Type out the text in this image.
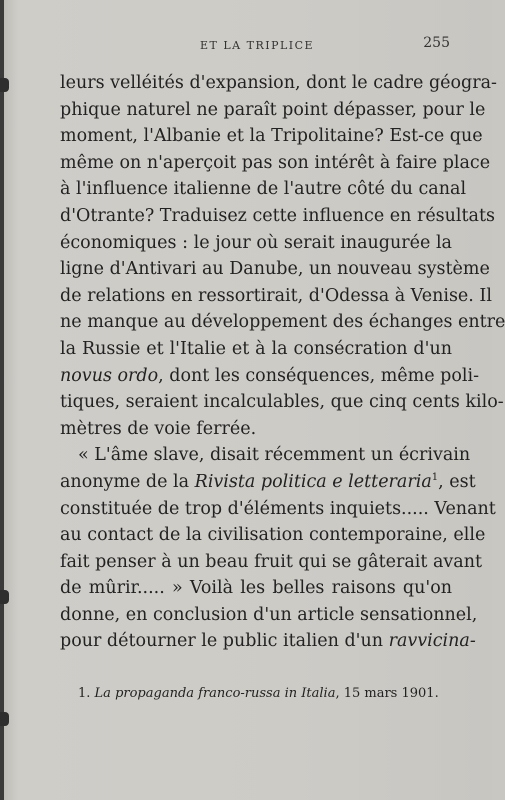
ET LA TRIPLICE	255
leurs velléités d'expansion, dont le cadre géogra-
phique naturel ne paraît point dépasser, pour le
moment, l'Albanie et la Tripolitaine? Est-ce que
même on n'aperçoit pas son intérêt à faire place
à l'influence italienne de l'autre côté du canal
d'Otrante? Traduisez cette influence en résultats
économiques : le jour où serait inaugurée la
ligne d'Antivari au Danube, un nouveau système
de relations en ressortirait, d'Odessa à Venise. Il
ne manque au développement des échanges entre
la Russie et l'Italie et à la consécration d'un
novus ordo, dont les conséquences, même poli-
tiques, seraient incalculables, que cinq cents kilo-
mètres de voie ferrée.
« L'âme slave, disait récemment un écrivain
anonyme de la Rivista politica e letteraria$^1$, est
constituée de trop d'éléments inquiets..... Venant
au contact de la civilisation contemporaine, elle
fait penser à un beau fruit qui se gâterait avant
de mûrir..... » Voilà les belles raisons qu'on
donne, en conclusion d'un article sensationnel,
pour détourner le public italien d'un ravvicina-
1. La propaganda franco-russa in Italia, 15 mars 1901.
